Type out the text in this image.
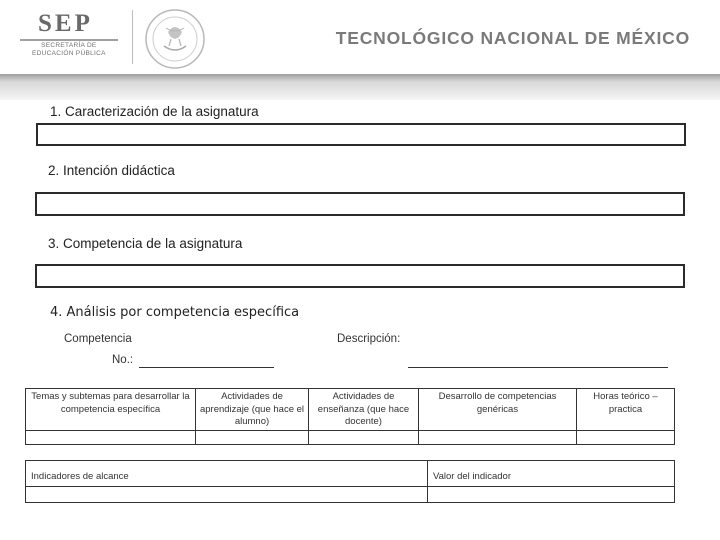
SEP
SECRETARÍA DE
EDUCACIÓN PÚBLICA
TECNOLÓGICO NACIONAL DE MÉXICO
1. Caracterización de la asignatura
2. Intención didáctica
3. Competencia de la asignatura
4. Análisis por competencia específica
Competencia	Descripción:
No.:
Temas y subtemas para desarrollar la competencia específica	Actividades de aprendizaje (que hace el alumno)	Actividades de enseñanza (que hace docente)	Desarrollo de competencias genéricas	Horas teórico – practica

Indicadores de alcance	Valor del indicador
